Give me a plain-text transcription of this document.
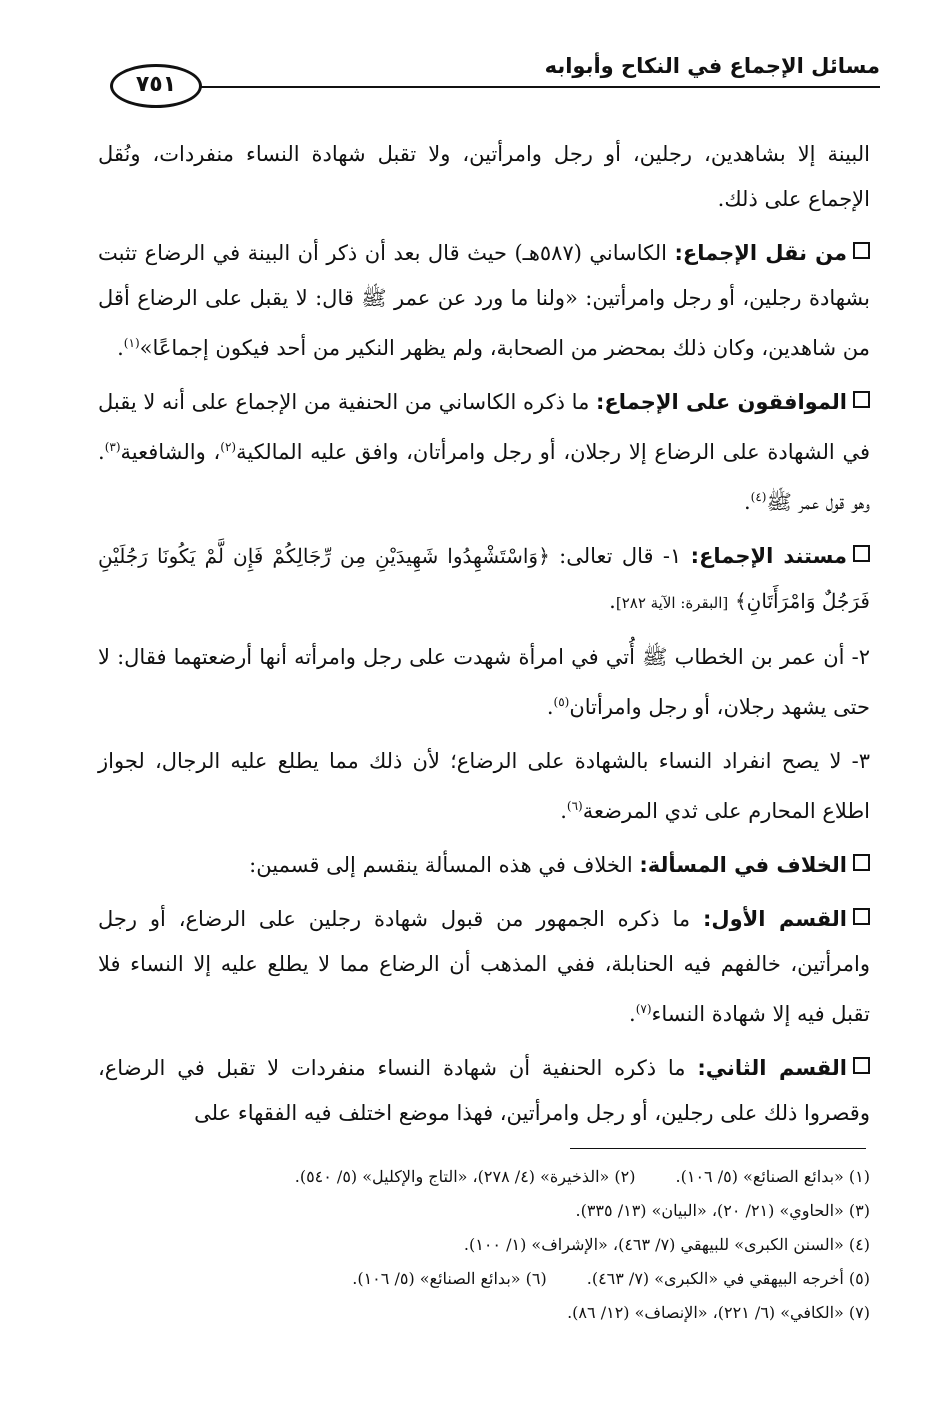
مسائل الإجماع في النكاح وأبوابه
٧٥١

البينة إلا بشاهدين، رجلين، أو رجل وامرأتين، ولا تقبل شهادة النساء منفردات، ونُقل الإجماع على ذلك.

من نقل الإجماع: الكاساني (٥٨٧هـ) حيث قال بعد أن ذكر أن البينة في الرضاع تثبت بشهادة رجلين، أو رجل وامرأتين: «ولنا ما ورد عن عمر ﷺ قال: لا يقبل على الرضاع أقل من شاهدين، وكان ذلك بمحضر من الصحابة، ولم يظهر النكير من أحد فيكون إجماعًا»$^{(١)}$.

الموافقون على الإجماع: ما ذكره الكاساني من الحنفية من الإجماع على أنه لا يقبل في الشهادة على الرضاع إلا رجلان، أو رجل وامرأتان، وافق عليه المالكية$^{(٢)}$، والشافعية$^{(٣)}$. وهو قول عمر ﷺ$^{(٤)}$.

مستند الإجماع: ١- قال تعالى: ﴿وَاسْتَشْهِدُوا شَهِيدَيْنِ مِن رِّجَالِكُمْ فَإِن لَّمْ يَكُونَا رَجُلَيْنِ فَرَجُلٌ وَامْرَأَتَانِ﴾ [البقرة: الآية ٢٨٢].

٢- أن عمر بن الخطاب ﷺ أُتي في امرأة شهدت على رجل وامرأته أنها أرضعتهما فقال: لا حتى يشهد رجلان، أو رجل وامرأتان$^{(٥)}$.

٣- لا يصح انفراد النساء بالشهادة على الرضاع؛ لأن ذلك مما يطلع عليه الرجال، لجواز اطلاع المحارم على ثدي المرضعة$^{(٦)}$.

الخلاف في المسألة: الخلاف في هذه المسألة ينقسم إلى قسمين:

القسم الأول: ما ذكره الجمهور من قبول شهادة رجلين على الرضاع، أو رجل وامرأتين، خالفهم فيه الحنابلة، ففي المذهب أن الرضاع مما لا يطلع عليه إلا النساء فلا تقبل فيه إلا شهادة النساء$^{(٧)}$.

القسم الثاني: ما ذكره الحنفية أن شهادة النساء منفردات لا تقبل في الرضاع، وقصروا ذلك على رجلين، أو رجل وامرأتين، فهذا موضع اختلف فيه الفقهاء على

(١) «بدائع الصنائع» (٥/ ١٠٦).(٢) «الذخيرة» (٤/ ٢٧٨)، «التاج والإكليل» (٥/ ٥٤٠).

(٣) «الحاوي» (٢١/ ٢٠)، «البيان» (١٣/ ٣٣٥).

(٤) «السنن الكبرى» للبيهقي (٧/ ٤٦٣)، «الإشراف» (١/ ١٠٠).

(٥) أخرجه البيهقي في «الكبرى» (٧/ ٤٦٣).(٦) «بدائع الصنائع» (٥/ ١٠٦).

(٧) «الكافي» (٦/ ٢٢١)، «الإنصاف» (١٢/ ٨٦).
